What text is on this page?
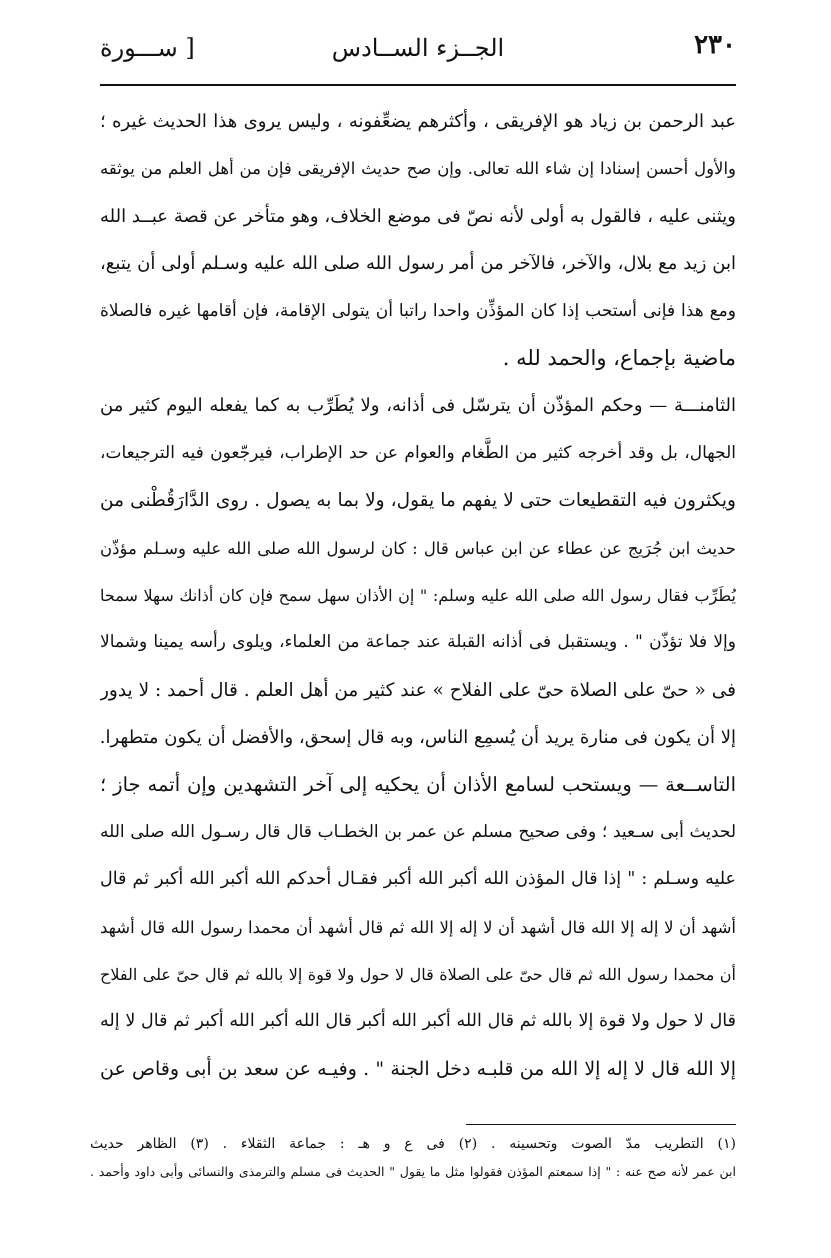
٢٣٠
الجــزء الســادس
[ ســـورة
عبد الرحمن بن زياد هو الإفريقى ، وأكثرهم يضعِّفونه ، وليس يروى هذا الحديث غيره ؛
والأول أحسن إسنادا إن شاء الله تعالى. وإن صح حديث الإفريقى فإن من أهل العلم من يوثقه
ويثنى عليه ، فالقول به أولى لأنه نصّ فى موضع الخلاف، وهو متأخر عن قصة عبــد الله
ابن زيد مع بلال، والآخر، فالآخر من أمر رسول الله صلى الله عليه وسـلم أولى أن يتبع،
ومع هذا فإنى أستحب إذا كان المؤذِّن واحدا راتبا أن يتولى الإقامة، فإن أقامها غيره فالصلاة
ماضية بإجماع، والحمد لله .
الثامنـــة — وحكم المؤذّن أن يترسّل فى أذانه، ولا يُطَرِّب به كما يفعله اليوم كثير من
الجهال، بل وقد أخرجه كثير من الطَّغام والعوام عن حد الإطراب، فيرجّعون فيه الترجيعات،
ويكثرون فيه التقطيعات حتى لا يفهم ما يقول، ولا بما به يصول . روى الدَّارَقُطْنى من
حديث ابن جُرَيج عن عطاء عن ابن عباس قال : كان لرسول الله صلى الله عليه وسـلم مؤذّن
يُطَرِّب فقال رسول الله صلى الله عليه وسلم: " إن الأذان سهل سمح فإن كان أذانك سهلا سمحا
وإلا فلا تؤذّن " . ويستقبل فى أذانه القبلة عند جماعة من العلماء، ويلوى رأسه يمينا وشمالا
فى « حىّ على الصلاة حىّ على الفلاح » عند كثير من أهل العلم . قال أحمد : لا يدور
إلا أن يكون فى منارة يريد أن يُسمِع الناس، وبه قال إسحق، والأفضل أن يكون متطهرا.
التاســعة — ويستحب لسامع الأذان أن يحكيه إلى آخر التشهدين وإن أتمه جاز ؛
لحديث أبى سـعيد ؛ وفى صحيح مسلم عن عمر بن الخطـاب قال قال رسـول الله صلى الله
عليه وسـلم : " إذا قال المؤذن الله أكبر الله أكبر فقـال أحدكم الله أكبر الله أكبر ثم قال
أشهد أن لا إله إلا الله قال أشهد أن لا إله إلا الله ثم قال أشهد أن محمدا رسول الله قال أشهد
أن محمدا رسول الله ثم قال حىّ على الصلاة قال لا حول ولا قوة إلا بالله ثم قال حىّ على الفلاح
قال لا حول ولا قوة إلا بالله ثم قال الله أكبر الله أكبر قال الله أكبر الله أكبر ثم قال لا إله
إلا الله قال لا إله إلا الله من قلبـه دخل الجنة " . وفيـه عن سعد بن أبى وقاص عن
(١) التطريب مدّ الصوت وتحسينه . (٢) فى ع و هـ : جماعة الثقلاء . (٣) الظاهر حديث
ابن عمر لأنه صح عنه : " إذا سمعتم المؤذن فقولوا مثل ما يقول " الحديث فى مسلم والترمذى والنسائى وأبى داود وأحمد .
